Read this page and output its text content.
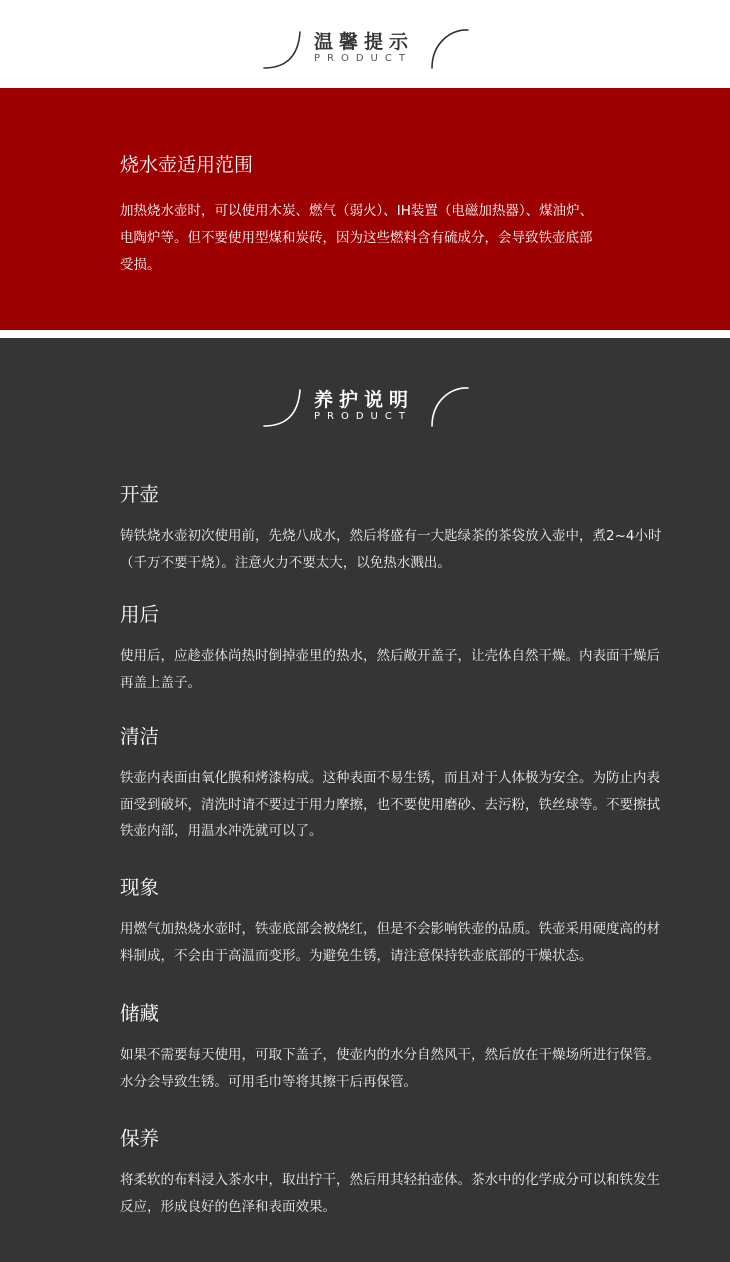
温馨提示

PRODUCT

烧水壶适用范围

加热烧水壶时，可以使用木炭、燃气（弱火）、IH装置（电磁加热器）、煤油炉、电陶炉等。但不要使用型煤和炭砖，因为这些燃料含有硫成分，会导致铁壶底部受损。

养护说明

PRODUCT

开壶

铸铁烧水壶初次使用前，先烧八成水，然后将盛有一大匙绿茶的茶袋放入壶中，煮2~4小时（千万不要干烧）。注意火力不要太大，以免热水溅出。

用后

使用后，应趁壶体尚热时倒掉壶里的热水，然后敞开盖子，让壳体自然干燥。内表面干燥后再盖上盖子。

清洁

铁壶内表面由氧化膜和烤漆构成。这种表面不易生锈，而且对于人体极为安全。为防止内表面受到破坏，清洗时请不要过于用力摩擦，也不要使用磨砂、去污粉，铁丝球等。不要擦拭铁壶内部，用温水冲洗就可以了。

现象

用燃气加热烧水壶时，铁壶底部会被烧红，但是不会影响铁壶的品质。铁壶采用硬度高的材料制成，不会由于高温而变形。为避免生锈，请注意保持铁壶底部的干燥状态。

储藏

如果不需要每天使用，可取下盖子，使壶内的水分自然风干，然后放在干燥场所进行保管。水分会导致生锈。可用毛巾等将其擦干后再保管。

保养

将柔软的布料浸入茶水中，取出拧干，然后用其轻拍壶体。茶水中的化学成分可以和铁发生反应，形成良好的色泽和表面效果。
